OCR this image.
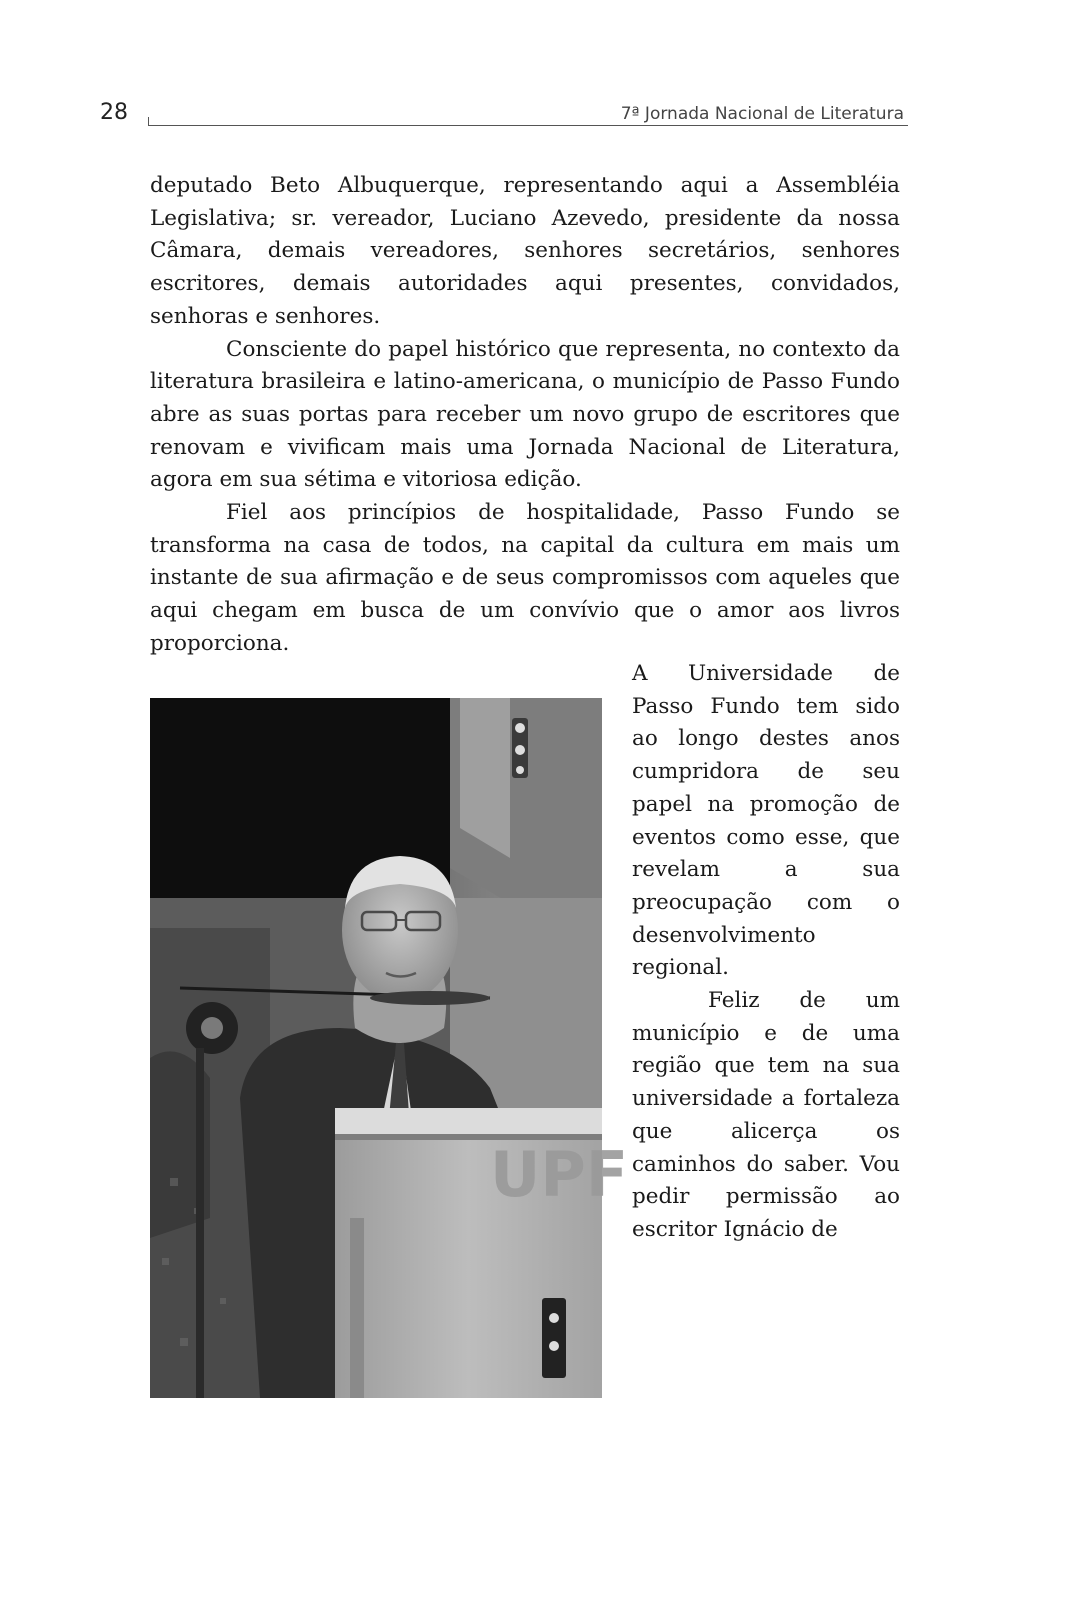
28	7ª Jornada Nacional de Literatura

deputado Beto Albuquerque, representando aqui a Assembléia Legislativa; sr. vereador, Luciano Azevedo, presidente da nossa Câmara, demais vereadores, senhores secretários, senhores escritores, demais autoridades aqui presentes, convidados, senhoras e senhores.

Consciente do papel histórico que representa, no contexto da literatura brasileira e latino-americana, o município de Passo Fundo abre as suas portas para receber um novo grupo de escritores que renovam e vivificam mais uma Jornada Nacional de Literatura, agora em sua sétima e vitoriosa edição.

Fiel aos princípios de hospitalidade, Passo Fundo se transforma na casa de todos, na capital da cultura em mais um instante de sua afirmação e de seus compromissos com aqueles que aqui chegam em busca de um convívio que o amor aos livros proporciona.

UPF

A Universidade de Passo Fundo tem sido ao longo destes anos cumpridora de seu papel na promoção de eventos como esse, que revelam a sua preocupação com o desenvolvimento regional.

Feliz de um município e de uma região que tem na sua universidade a fortaleza que alicerça os caminhos do saber. Vou pedir permissão ao escritor Ignácio de
